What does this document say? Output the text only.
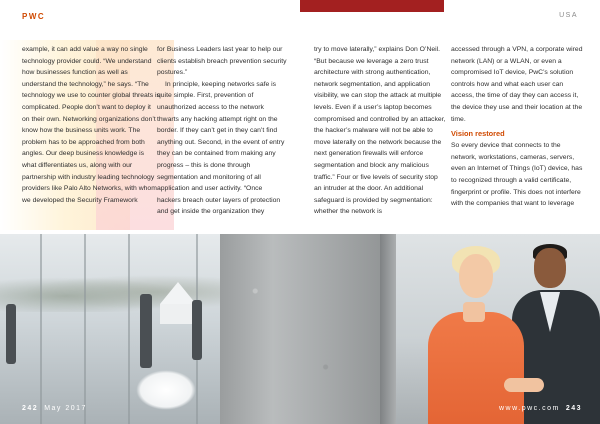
PWC	USA

example, it can add value a way no single technology provider could. “We understand how businesses function as well as understand the technology,” he says. “The technology we use to counter global threats is complicated. People don’t want to deploy it on their own. Networking organizations don’t know how the business units work. The problem has to be approached from both angles. Our deep business knowledge is what differentiates us, along with our partnership with industry leading technology providers like Palo Alto Networks, with whom we developed the Security Framework

for Business Leaders last year to help our clients establish breach prevention security postures.”

In principle, keeping networks safe is quite simple. First, prevention of unauthorized access to the network thwarts any hacking attempt right on the border. If they can’t get in they can’t find anything out. Second, in the event of entry they can be contained from making any progress – this is done through segmentation and monitoring of all application and user activity. “Once hackers breach outer layers of protection and get inside the organization they

try to move laterally,” explains Don O’Neil. “But because we leverage a zero trust architecture with strong authentication, network segmentation, and application visibility, we can stop the attack at multiple levels. Even if a user’s laptop becomes compromised and controlled by an attacker, the hacker’s malware will not be able to move laterally on the network because the next generation firewalls will enforce segmentation and block any malicious traffic.” Four or five levels of security stop an intruder at the door. An additional safeguard is provided by segmentation: whether the network is

accessed through a VPN, a corporate wired network (LAN) or a WLAN, or even a compromised IoT device, PwC’s solution controls how and what each user can access, the time of day they can access it, the device they use and their location at the time.

Vision restored

So every device that connects to the network, workstations, cameras, servers, even an Internet of Things (IoT) device, has to recognized through a valid certificate, fingerprint or profile. This does not interfere with the companies that want to leverage

242 May 2017	www.pwc.com 243
